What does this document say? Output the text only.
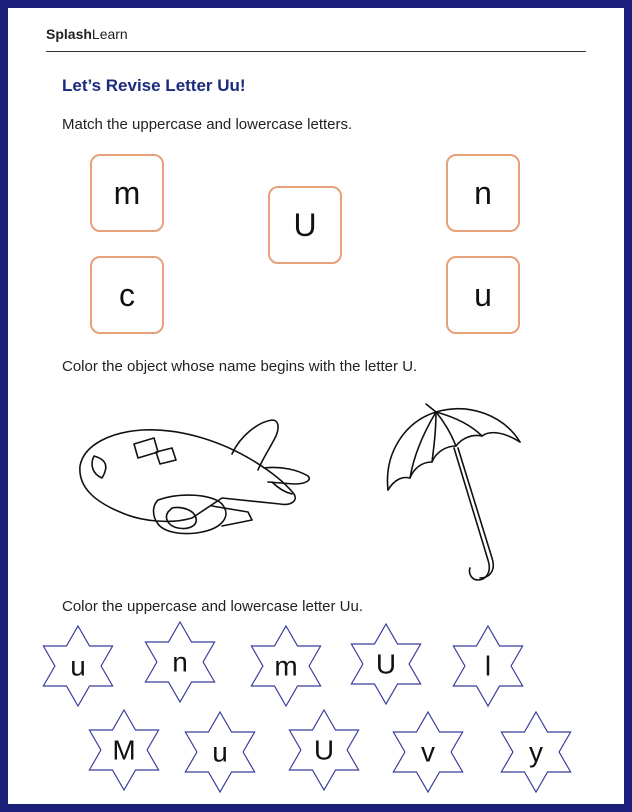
SplashLearn
Let’s Revise Letter Uu!
Match the uppercase and lowercase letters.
m
c
U
n
u
Color the object whose name begins with the letter U.
Color the uppercase and lowercase letter Uu.
u	n	m	U	l
M	u	U	v	y
